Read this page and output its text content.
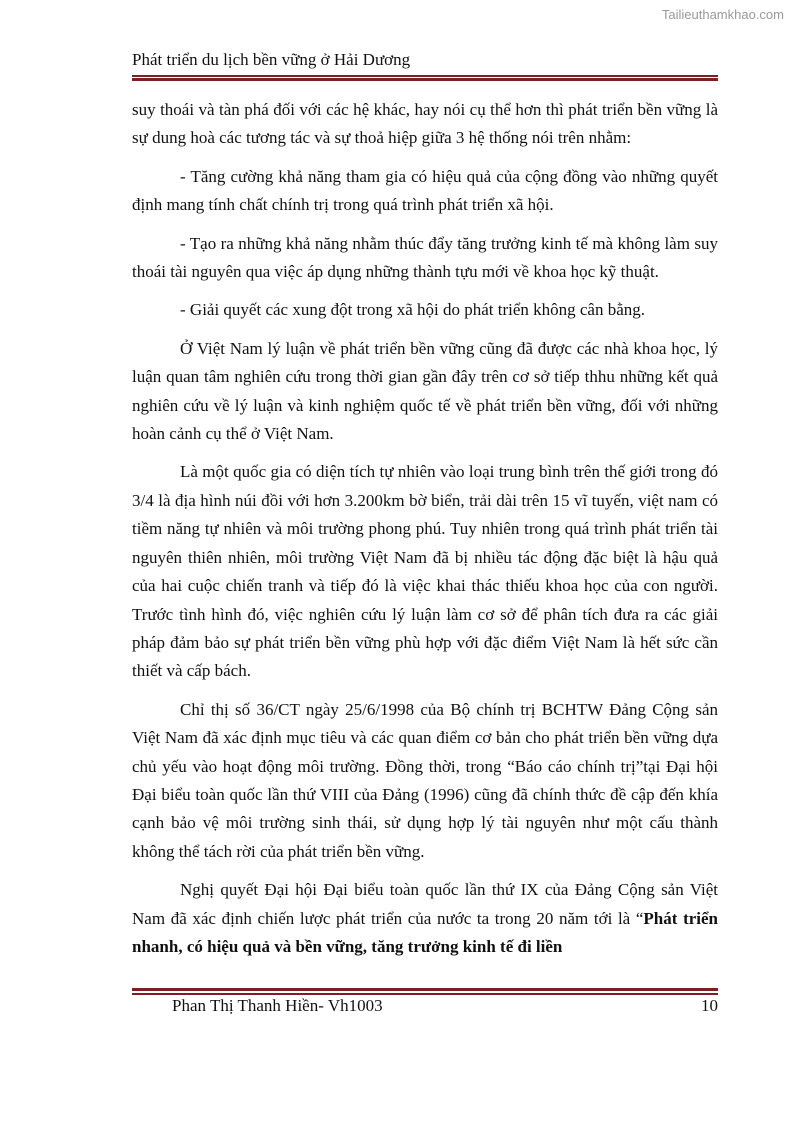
Tailieuthamkhao.com
Phát triển du lịch bền vững ở Hải Dương

suy thoái và tàn phá đối với các hệ khác, hay nói cụ thể hơn thì phát triển bền vững là sự dung hoà các tương tác và sự thoả hiệp giữa 3 hệ thống nói trên nhằm:

- Tăng cường khả năng tham gia có hiệu quả của cộng đồng vào những quyết định mang tính chất chính trị trong quá trình phát triển xã hội.

- Tạo ra những khả năng nhằm thúc đẩy tăng trưởng kinh tế mà không làm suy thoái tài nguyên qua việc áp dụng những thành tựu mới về khoa học kỹ thuật.

- Giải quyết các xung đột trong xã hội do phát triển không cân bằng.

Ở Việt Nam lý luận về phát triển bền vững cũng đã được các nhà khoa học, lý luận quan tâm nghiên cứu trong thời gian gần đây trên cơ sở tiếp thhu những kết quả nghiên cứu về lý luận và kinh nghiệm quốc tế về phát triển bền vững, đối với những hoàn cảnh cụ thể ở Việt Nam.

Là một quốc gia có diện tích tự nhiên vào loại trung bình trên thế giới trong đó 3/4 là địa hình núi đồi với hơn 3.200km bờ biển, trải dài trên 15 vĩ tuyến, việt nam có tiềm năng tự nhiên và môi trường phong phú. Tuy nhiên trong quá trình phát triển tài nguyên thiên nhiên, môi trường Việt Nam đã bị nhiều tác động đặc biệt là hậu quả của hai cuộc chiến tranh và tiếp đó là việc khai thác thiếu khoa học của con người. Trước tình hình đó, việc nghiên cứu lý luận làm cơ sở để phân tích đưa ra các giải pháp đảm bảo sự phát triển bền vững phù hợp với đặc điểm Việt Nam là hết sức cần thiết và cấp bách.

Chỉ thị số 36/CT ngày 25/6/1998 của Bộ chính trị BCHTW Đảng Cộng sản Việt Nam đã xác định mục tiêu và các quan điểm cơ bản cho phát triển bền vững dựa chủ yếu vào hoạt động môi trường. Đồng thời, trong “Báo cáo chính trị”tại Đại hội Đại biểu toàn quốc lần thứ VIII của Đảng (1996) cũng đã chính thức đề cập đến khía cạnh bảo vệ môi trường sinh thái, sử dụng hợp lý tài nguyên như một cấu thành không thể tách rời của phát triển bền vững.

Nghị quyết Đại hội Đại biểu toàn quốc lần thứ IX của Đảng Cộng sản Việt Nam đã xác định chiến lược phát triển của nước ta trong 20 năm tới là “Phát triển nhanh, có hiệu quả và bền vững, tăng trưởng kinh tế đi liền

Phan Thị Thanh Hiền- Vh1003	10
